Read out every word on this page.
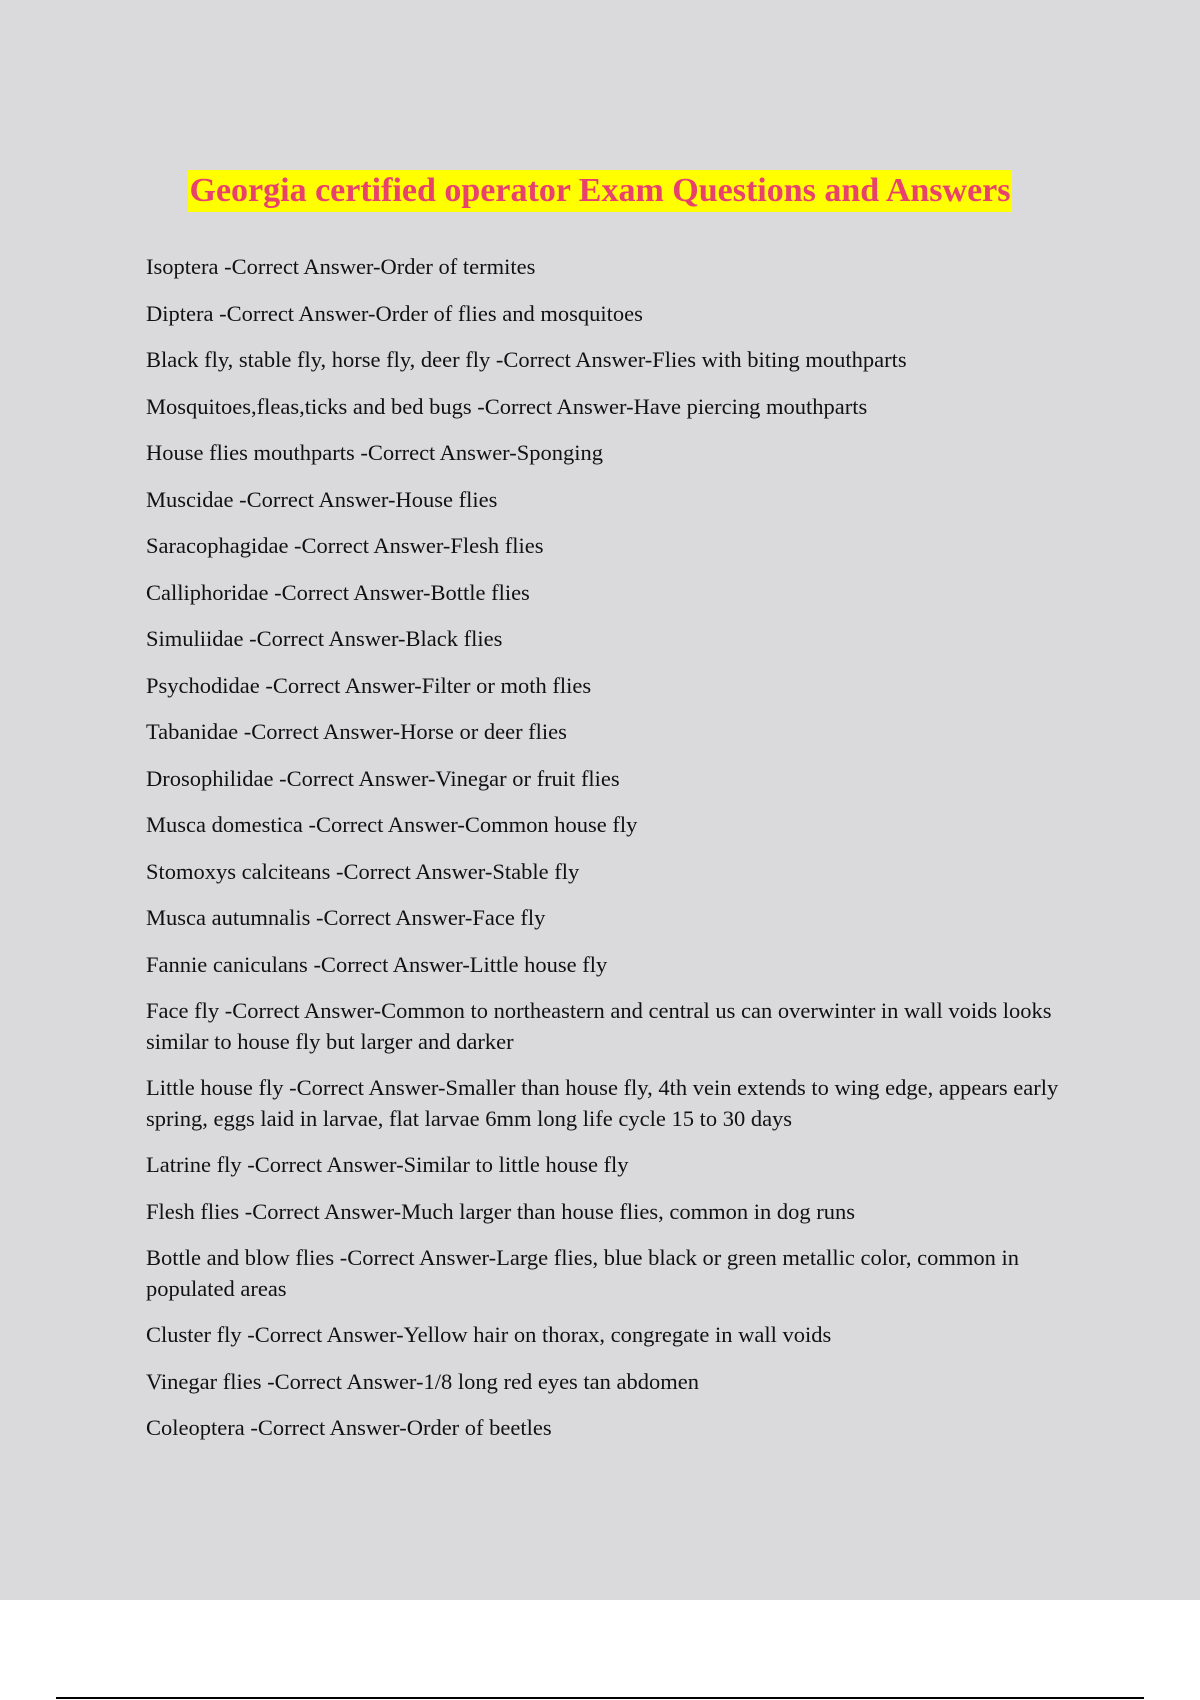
Georgia certified operator Exam Questions and Answers
Isoptera -Correct Answer-Order of termites
Diptera -Correct Answer-Order of flies and mosquitoes
Black fly, stable fly, horse fly, deer fly -Correct Answer-Flies with biting mouthparts
Mosquitoes,fleas,ticks and bed bugs -Correct Answer-Have piercing mouthparts
House flies mouthparts -Correct Answer-Sponging
Muscidae -Correct Answer-House flies
Saracophagidae -Correct Answer-Flesh flies
Calliphoridae -Correct Answer-Bottle flies
Simuliidae -Correct Answer-Black flies
Psychodidae -Correct Answer-Filter or moth flies
Tabanidae -Correct Answer-Horse or deer flies
Drosophilidae -Correct Answer-Vinegar or fruit flies
Musca domestica -Correct Answer-Common house fly
Stomoxys calciteans -Correct Answer-Stable fly
Musca autumnalis -Correct Answer-Face fly
Fannie caniculans -Correct Answer-Little house fly
Face fly -Correct Answer-Common to northeastern and central us can overwinter in wall voids looks similar to house fly but larger and darker
Little house fly -Correct Answer-Smaller than house fly, 4th vein extends to wing edge, appears early spring, eggs laid in larvae, flat larvae 6mm long life cycle 15 to 30 days
Latrine fly -Correct Answer-Similar to little house fly
Flesh flies -Correct Answer-Much larger than house flies, common in dog runs
Bottle and blow flies -Correct Answer-Large flies, blue black or green metallic color, common in populated areas
Cluster fly -Correct Answer-Yellow hair on thorax, congregate in wall voids
Vinegar flies -Correct Answer-1/8 long red eyes tan abdomen
Coleoptera -Correct Answer-Order of beetles
